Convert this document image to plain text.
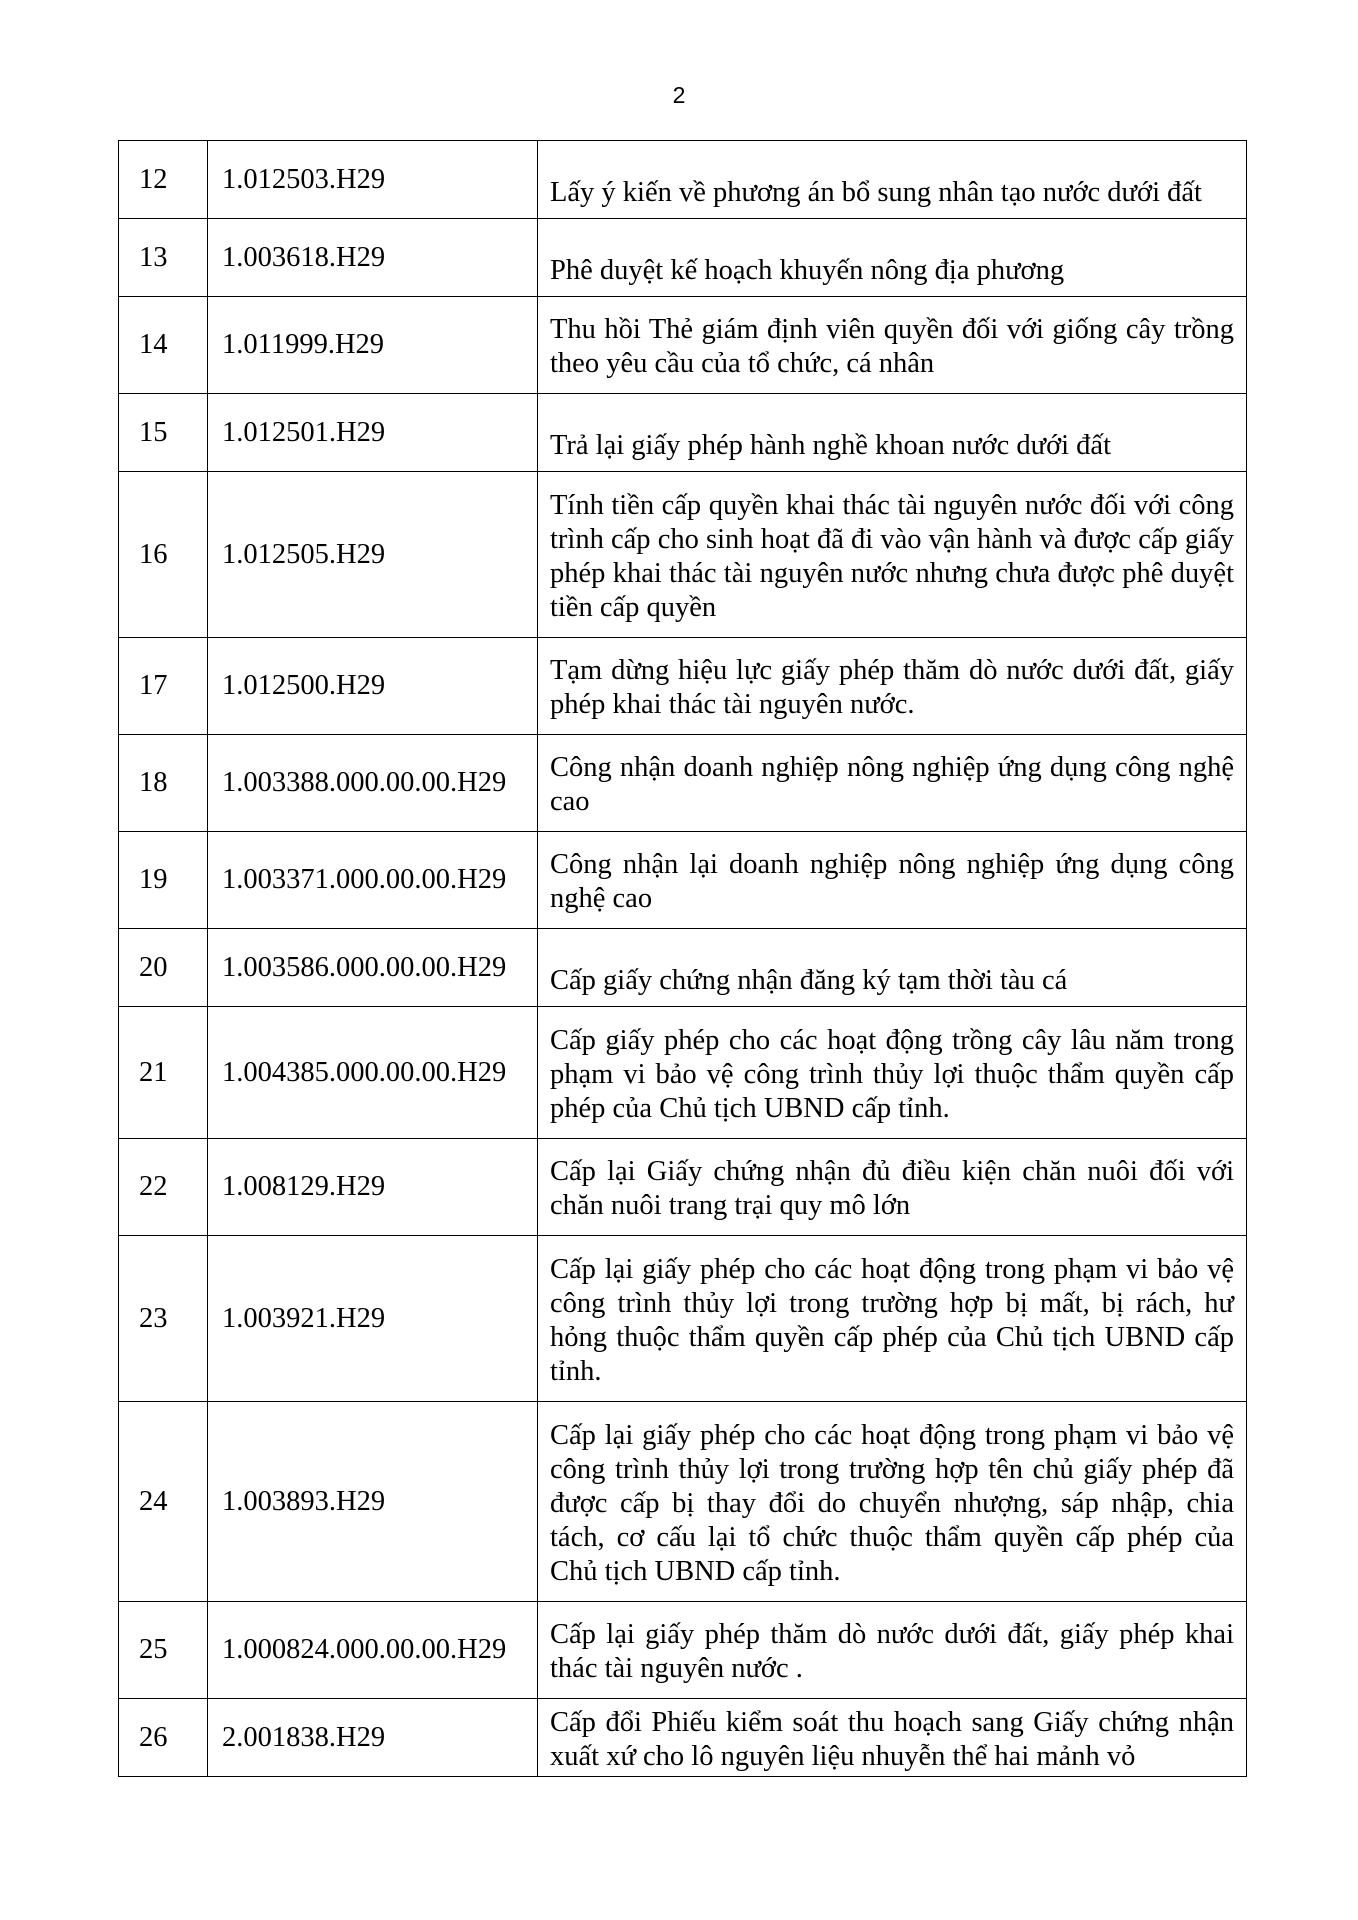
2
12	1.012503.H29	Lấy ý kiến về phương án bổ sung nhân tạo nước dưới đất
13	1.003618.H29	Phê duyệt kế hoạch khuyến nông địa phương
14	1.011999.H29	Thu hồi Thẻ giám định viên quyền đối với giống cây trồng theo yêu cầu của tổ chức, cá nhân
15	1.012501.H29	Trả lại giấy phép hành nghề khoan nước dưới đất
16	1.012505.H29	Tính tiền cấp quyền khai thác tài nguyên nước đối với công trình cấp cho sinh hoạt đã đi vào vận hành và được cấp giấy phép khai thác tài nguyên nước nhưng chưa được phê duyệt tiền cấp quyền
17	1.012500.H29	Tạm dừng hiệu lực giấy phép thăm dò nước dưới đất, giấy phép khai thác tài nguyên nước.
18	1.003388.000.00.00.H29	Công nhận doanh nghiệp nông nghiệp ứng dụng công nghệ cao
19	1.003371.000.00.00.H29	Công nhận lại doanh nghiệp nông nghiệp ứng dụng công nghệ cao
20	1.003586.000.00.00.H29	Cấp giấy chứng nhận đăng ký tạm thời tàu cá
21	1.004385.000.00.00.H29	Cấp giấy phép cho các hoạt động trồng cây lâu năm trong phạm vi bảo vệ công trình thủy lợi thuộc thẩm quyền cấp phép của Chủ tịch UBND cấp tỉnh.
22	1.008129.H29	Cấp lại Giấy chứng nhận đủ điều kiện chăn nuôi đối với chăn nuôi trang trại quy mô lớn
23	1.003921.H29	Cấp lại giấy phép cho các hoạt động trong phạm vi bảo vệ công trình thủy lợi trong trường hợp bị mất, bị rách, hư hỏng thuộc thẩm quyền cấp phép của Chủ tịch UBND cấp tỉnh.
24	1.003893.H29	Cấp lại giấy phép cho các hoạt động trong phạm vi bảo vệ công trình thủy lợi trong trường hợp tên chủ giấy phép đã được cấp bị thay đổi do chuyển nhượng, sáp nhập, chia tách, cơ cấu lại tổ chức thuộc thẩm quyền cấp phép của Chủ tịch UBND cấp tỉnh.
25	1.000824.000.00.00.H29	Cấp lại giấy phép thăm dò nước dưới đất, giấy phép khai thác tài nguyên nước .
26	2.001838.H29	Cấp đổi Phiếu kiểm soát thu hoạch sang Giấy chứng nhận xuất xứ cho lô nguyên liệu nhuyễn thể hai mảnh vỏ
